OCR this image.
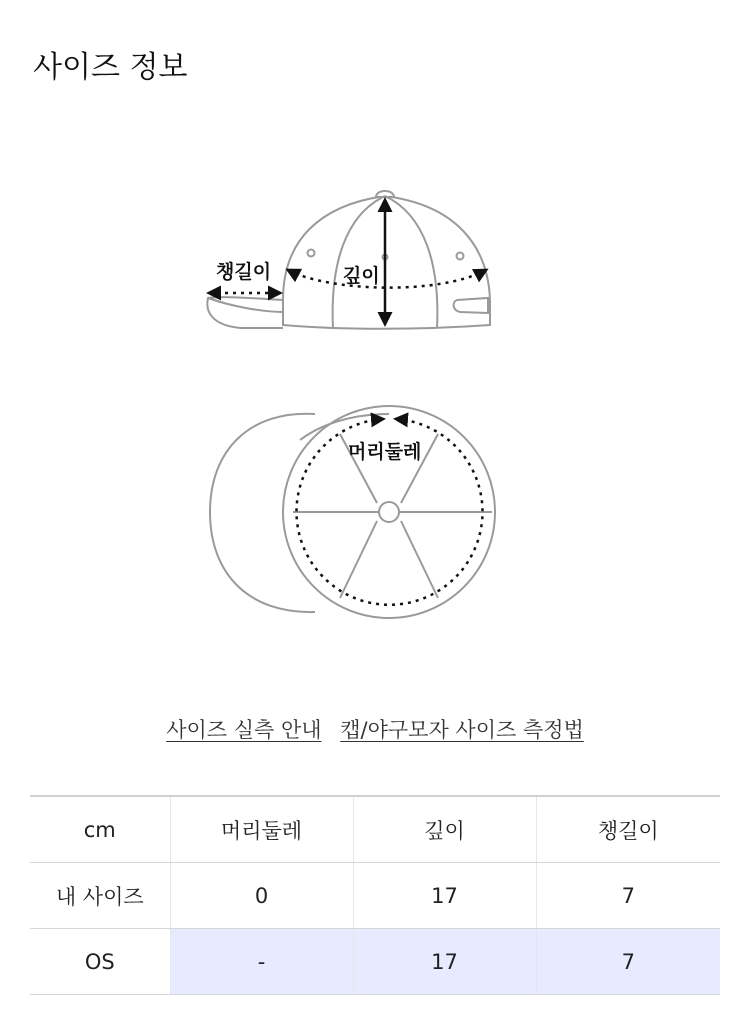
사이즈 정보
챙길이	깊이
머리둘레
사이즈 실측 안내 캡/야구모자 사이즈 측정법
cm	머리둘레	깊이	챙길이
내 사이즈	0	17	7
OS	-	17	7
